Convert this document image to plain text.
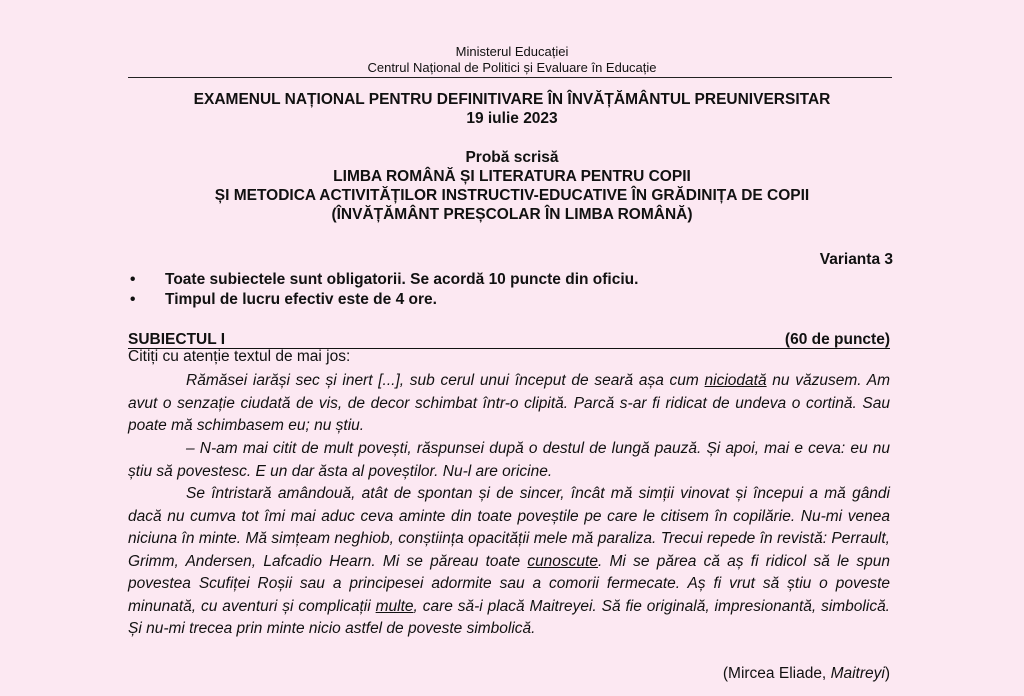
Ministerul Educației
Centrul Național de Politici și Evaluare în Educație
EXAMENUL NAȚIONAL PENTRU DEFINITIVARE ÎN ÎNVĂȚĂMÂNTUL PREUNIVERSITAR
19 iulie 2023
Probă scrisă
LIMBA ROMÂNĂ ȘI LITERATURA PENTRU COPII
ȘI METODICA ACTIVITĂȚILOR INSTRUCTIV-EDUCATIVE ÎN GRĂDINIȚA DE COPII
(ÎNVĂȚĂMÂNT PREȘCOLAR ÎN LIMBA ROMÂNĂ)
Varianta 3
• Toate subiectele sunt obligatorii. Se acordă 10 puncte din oficiu.
• Timpul de lucru efectiv este de 4 ore.
SUBIECTUL I	(60 de puncte)
Citiți cu atenție textul de mai jos:

Rămăsei iarăși sec și inert [...], sub cerul unui început de seară așa cum niciodată nu văzusem. Am avut o senzație ciudată de vis, de decor schimbat într-o clipită. Parcă s-ar fi ridicat de undeva o cortină. Sau poate mă schimbasem eu; nu știu.

– N-am mai citit de mult povești, răspunsei după o destul de lungă pauză. Și apoi, mai e ceva: eu nu știu să povestesc. E un dar ăsta al poveștilor. Nu-l are oricine.

Se întristară amândouă, atât de spontan și de sincer, încât mă simții vinovat și începui a mă gândi dacă nu cumva tot îmi mai aduc ceva aminte din toate poveștile pe care le citisem în copilărie. Nu-mi venea niciuna în minte. Mă simțeam neghiob, conștiința opacității mele mă paraliza. Trecui repede în revistă: Perrault, Grimm, Andersen, Lafcadio Hearn. Mi se păreau toate cunoscute. Mi se părea că aș fi ridicol să le spun povestea Scufiței Roșii sau a principesei adormite sau a comorii fermecate. Aș fi vrut să știu o poveste minunată, cu aventuri și complicații multe, care să-i placă Maitreyei. Să fie originală, impresionantă, simbolică. Și nu-mi trecea prin minte nicio astfel de poveste simbolică.

(Mircea Eliade, Maitreyi)
